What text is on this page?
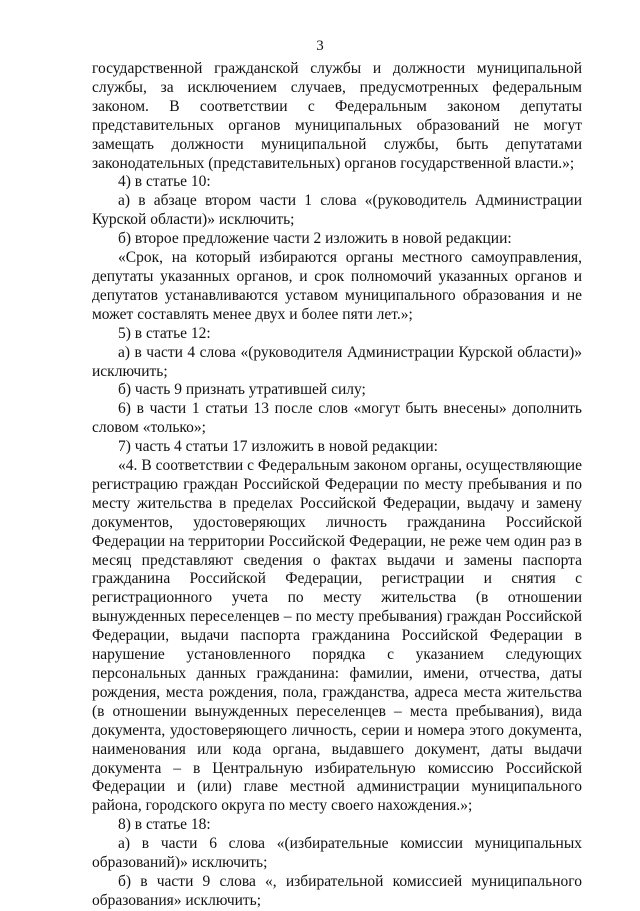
3

государственной гражданской службы и должности муниципальной службы, за исключением случаев, предусмотренных федеральным законом. В соответствии с Федеральным законом депутаты представительных органов муниципальных образований не могут замещать должности муниципальной службы, быть депутатами законодательных (представительных) органов государственной власти.»;

4) в статье 10:

а) в абзаце втором части 1 слова «(руководитель Администрации Курской области)» исключить;

б) второе предложение части 2 изложить в новой редакции:

«Срок, на который избираются органы местного самоуправления, депутаты указанных органов, и срок полномочий указанных органов и депутатов устанавливаются уставом муниципального образования и не может составлять менее двух и более пяти лет.»;

5) в статье 12:

а) в части 4 слова «(руководителя Администрации Курской области)» исключить;

б) часть 9 признать утратившей силу;

6) в части 1 статьи 13 после слов «могут быть внесены» дополнить словом «только»;

7) часть 4 статьи 17 изложить в новой редакции:

«4. В соответствии с Федеральным законом органы, осуществляющие регистрацию граждан Российской Федерации по месту пребывания и по месту жительства в пределах Российской Федерации, выдачу и замену документов, удостоверяющих личность гражданина Российской Федерации на территории Российской Федерации, не реже чем один раз в месяц представляют сведения о фактах выдачи и замены паспорта гражданина Российской Федерации, регистрации и снятия с регистрационного учета по месту жительства (в отношении вынужденных переселенцев – по месту пребывания) граждан Российской Федерации, выдачи паспорта гражданина Российской Федерации в нарушение установленного порядка с указанием следующих персональных данных гражданина: фамилии, имени, отчества, даты рождения, места рождения, пола, гражданства, адреса места жительства (в отношении вынужденных переселенцев – места пребывания), вида документа, удостоверяющего личность, серии и номера этого документа, наименования или кода органа, выдавшего документ, даты выдачи документа – в Центральную избирательную комиссию Российской Федерации и (или) главе местной администрации муниципального района, городского округа по месту своего нахождения.»;

8) в статье 18:

а) в части 6 слова «(избирательные комиссии муниципальных образований)» исключить;

б) в части 9 слова «, избирательной комиссией муниципального образования» исключить;
